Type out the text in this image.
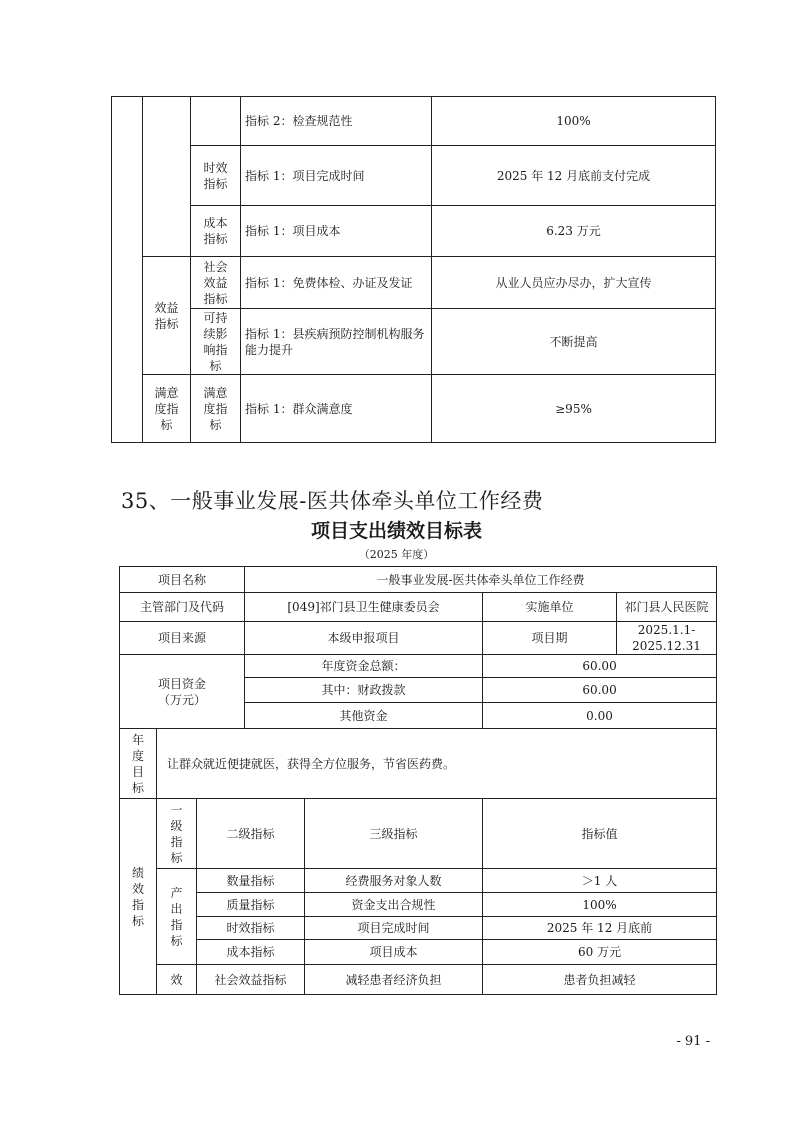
			指标 2：检查规范性	100%

		时效指标	指标 1：项目完成时间	2025 年 12 月底前支付完成

		成本指标	指标 1：项目成本	6.23 万元

	效益指标	社会效益指标	指标 1：免费体检、办证及发证	从业人员应办尽办，扩大宣传

		可持续影响指标	指标 1：县疾病预防控制机构服务能力提升	不断提高

	满意度指标	满意度指标	指标 1：群众满意度	≥95%
35、一般事业发展-医共体牵头单位工作经费
项目支出绩效目标表
（2025 年度）
项目名称			一般事业发展-医共体牵头单位工作经费			
主管部门及代码			[049]祁门县卫生健康委员会		实施单位	祁门县人民医院
项目来源			本级申报项目		项目期	2025.1.1-2025.12.31

项目资金
（万元）			年度资金总额：		60.00	
			其中：财政拨款		60.00	
			其他资金		0.00	

年度目标	让群众就近便捷就医，获得全方位服务，节省医药费。					

绩效指标	一级指标	二级指标		三级指标	指标值	

	产出指标	数量指标		经费服务对象人数	＞1 人	
		质量指标		资金支出合规性	100%	
		时效指标		项目完成时间	2025 年 12 月底前	
		成本指标		项目成本	60 万元	
	效	社会效益指标		减轻患者经济负担	患者负担减轻	
- 91 -
